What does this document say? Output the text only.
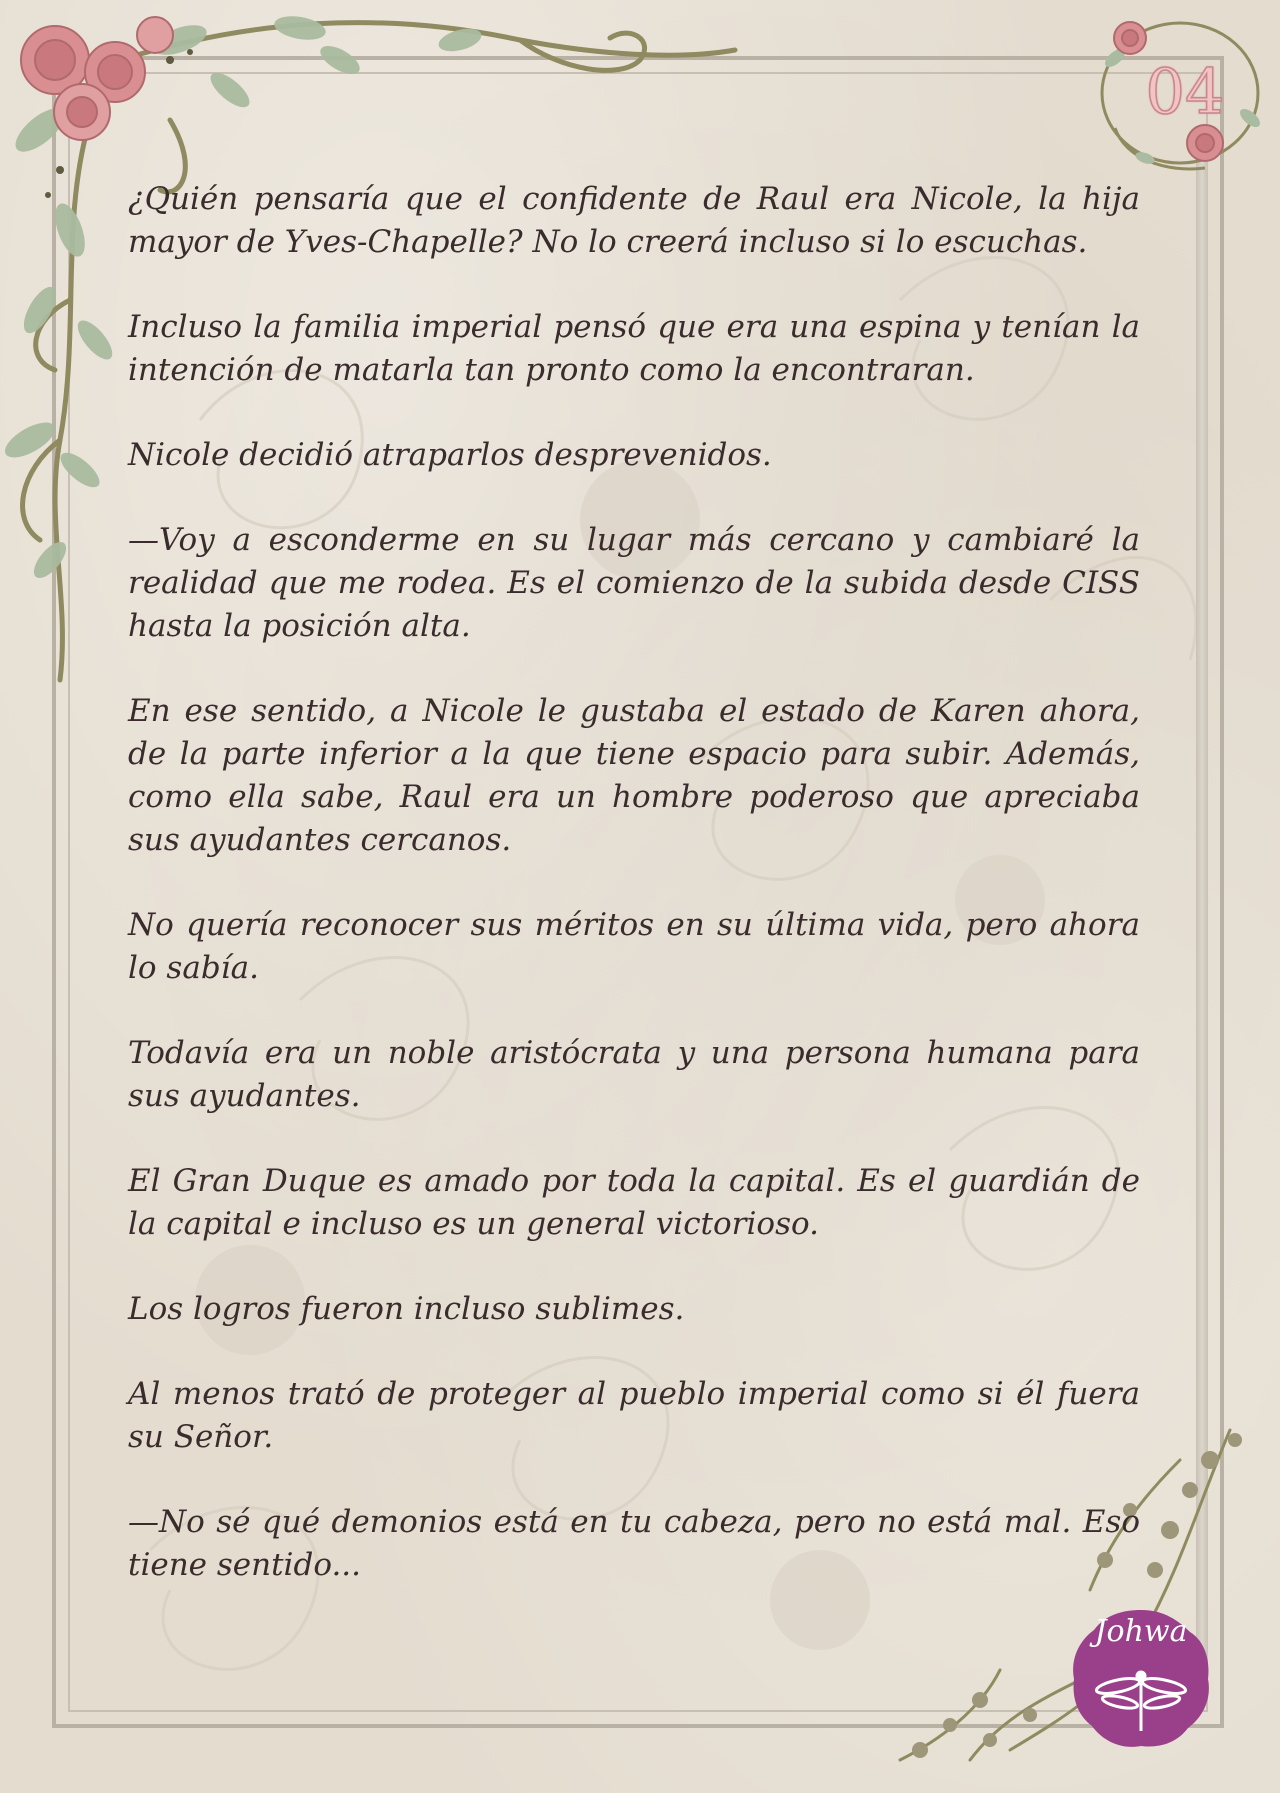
04
Johwa

¿Quién pensaría que el confidente de Raul era Nicole, la hija mayor de Yves-Chapelle? No lo creerá incluso si lo escuchas.

Incluso la familia imperial pensó que era una espina y tenían la intención de matarla tan pronto como la encontraran.

Nicole decidió atraparlos desprevenidos.

—Voy a esconderme en su lugar más cercano y cambiaré la realidad que me rodea. Es el comienzo de la subida desde CISS hasta la posición alta.

En ese sentido, a Nicole le gustaba el estado de Karen ahora, de la parte inferior a la que tiene espacio para subir. Además, como ella sabe, Raul era un hombre poderoso que apreciaba sus ayudantes cercanos.

No quería reconocer sus méritos en su última vida, pero ahora lo sabía.

Todavía era un noble aristócrata y una persona humana para sus ayudantes.

El Gran Duque es amado por toda la capital. Es el guardián de la capital e incluso es un general victorioso.

Los logros fueron incluso sublimes.

Al menos trató de proteger al pueblo imperial como si él fuera su Señor.

—No sé qué demonios está en tu cabeza, pero no está mal. Eso tiene sentido...
